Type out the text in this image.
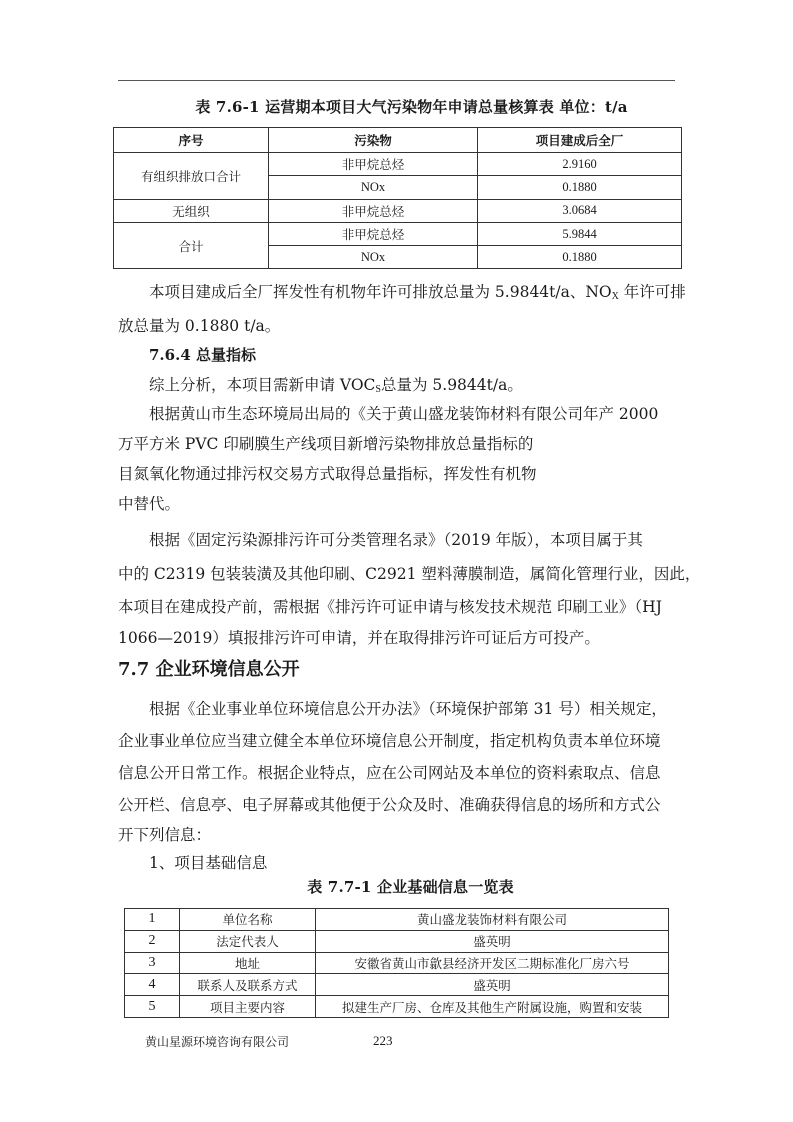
表 7.6-1 运营期本项目大气污染物年申请总量核算表 单位：t/a
序号	污染物	项目建成后全厂
有组织排放口合计	非甲烷总烃	2.9160
	NOx	0.1880
无组织	非甲烷总烃	3.0684
合计	非甲烷总烃	5.9844
	NOx	0.1880
本项目建成后全厂挥发性有机物年许可排放总量为 5.9844t/a、$NO_X$ 年许可排
放总量为 0.1880 t/a。
7.6.4 总量指标
综上分析，本项目需新申请 $VOC_S$总量为 5.9844t/a。
根据黄山市生态环境局出局的《关于黄山盛龙装饰材料有限公司年产 2000
万平方米 PVC 印刷膜生产线项目新增污染物排放总量指标的
目氮氧化物通过排污权交易方式取得总量指标，挥发性有机物
中替代。
根据《固定污染源排污许可分类管理名录》（2019 年版），本项目属于其
中的 C2319 包装装潢及其他印刷、C2921 塑料薄膜制造，属简化管理行业，因此，
本项目在建成投产前，需根据《排污许可证申请与核发技术规范 印刷工业》（HJ
1066—2019）填报排污许可申请，并在取得排污许可证后方可投产。
7.7 企业环境信息公开
根据《企业事业单位环境信息公开办法》（环境保护部第 31 号）相关规定，
企业事业单位应当建立健全本单位环境信息公开制度，指定机构负责本单位环境
信息公开日常工作。根据企业特点，应在公司网站及本单位的资料索取点、信息
公开栏、信息亭、电子屏幕或其他便于公众及时、准确获得信息的场所和方式公
开下列信息：
1、项目基础信息
表 7.7-1 企业基础信息一览表
1	单位名称	黄山盛龙装饰材料有限公司
2	法定代表人	盛英明
3	地址	安徽省黄山市歙县经济开发区二期标准化厂房六号
4	联系人及联系方式	盛英明
5	项目主要内容	拟建生产厂房、仓库及其他生产附属设施，购置和安装
黄山星源环境咨询有限公司	223
